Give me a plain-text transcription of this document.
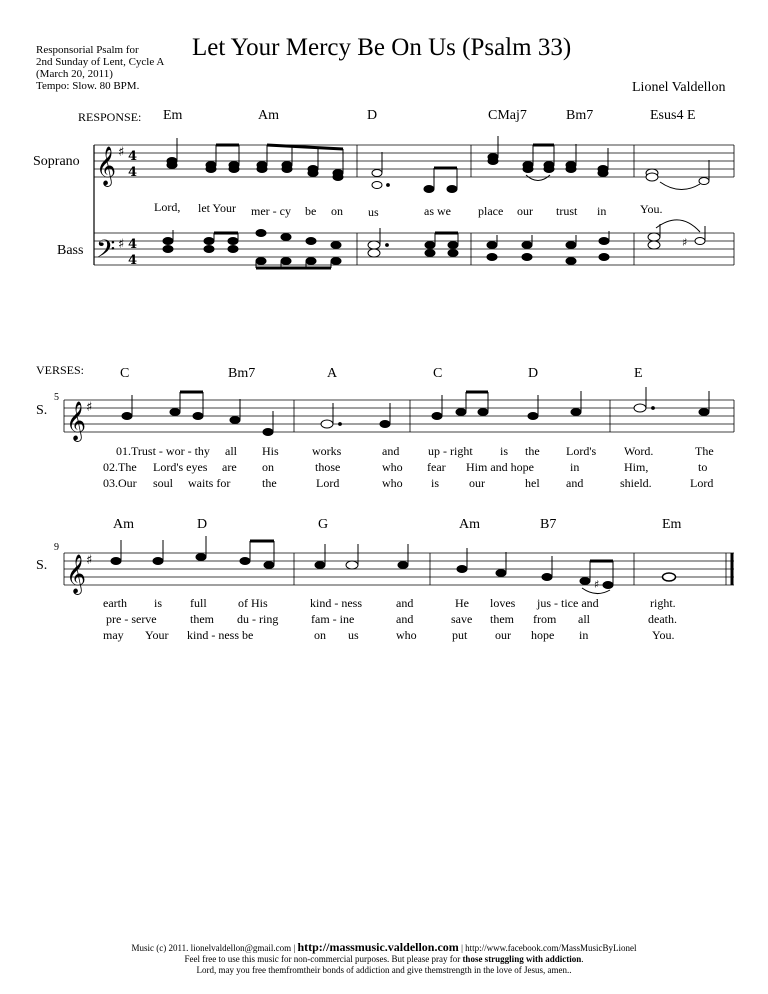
Responsorial Psalm for
2nd Sunday of Lent, Cycle A
(March 20, 2011)
Tempo: Slow. 80 BPM.
Let Your Mercy Be On Us (Psalm 33)
Lionel Valdellon
RESPONSE: Em	Am	D	CMaj7	Bm7	Esus4 E
Soprano
Bass
Lord, let Your mer - cy be on us	as we place our trust in	You.
VERSES:	C	Bm7	A	C	D	E
S.
5
01.Trust - wor - thy all His	works	and up - right is the Lord's Word.	The
02.The Lord's eyes are on	those	who fear Him and hope	in	Him,	to
03.Our soul waits for	the	Lord	who is our	hel and	shield.	Lord
Am	D	G	Am	B7	Em
S.
9
earth is full	of His	kind - ness	and	He loves jus - tice and	right.
pre - serve	them du - ring	fam - ine	and	save them from all	death.
may Your kind - ness be	on us	who	put our hope in	You.
𝄞
𝄢
♯
♯
4
4
4
4
𝄞 ♯
𝄞 ♯
♯
♯
Music (c) 2011. lionelvaldellon@gmail.com | http://massmusic.valdellon.com | http://www.facebook.com/MassMusicByLionel
Feel free to use this music for non-commercial purposes. But please pray for those struggling with addiction.
Lord, may you free themfromtheir bonds of addiction and give themstrength in the love of Jesus, amen..
